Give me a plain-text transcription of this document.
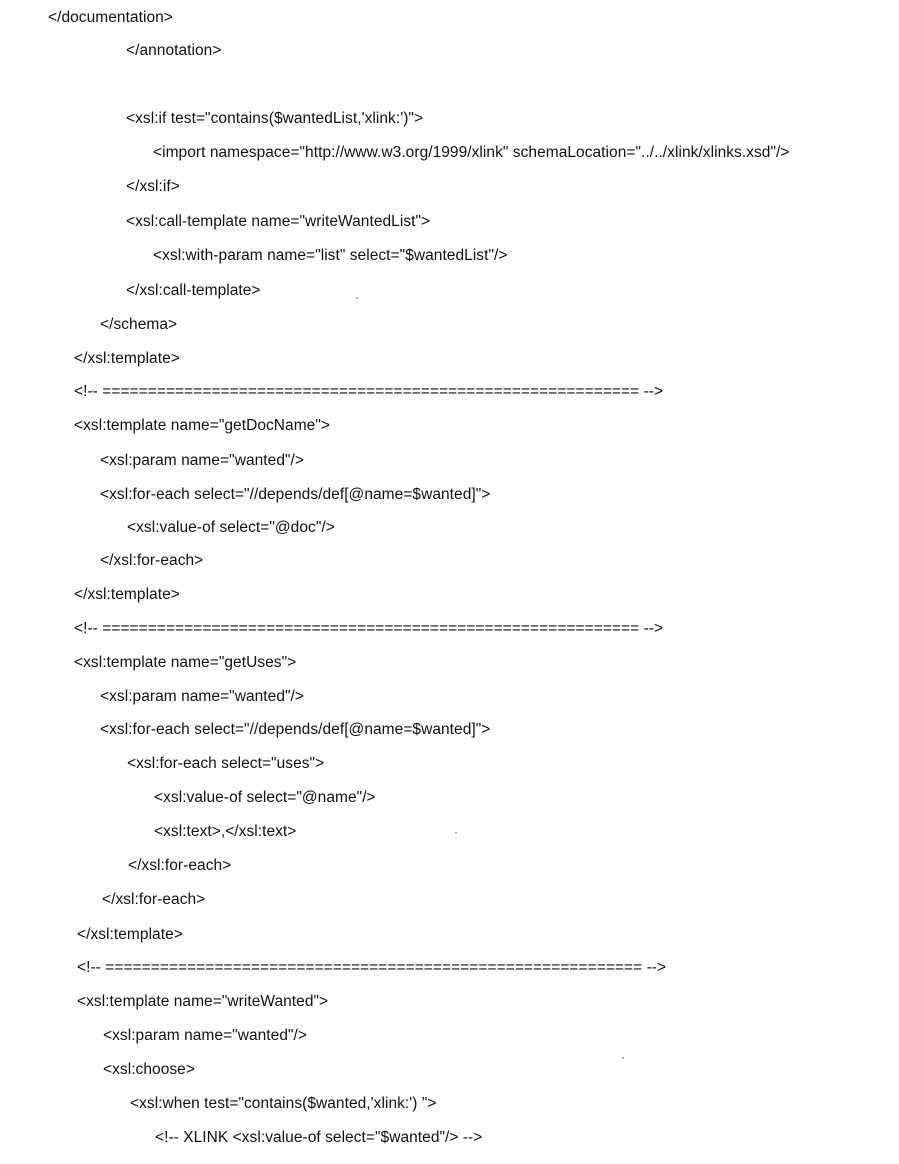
</documentation>
</annotation>
<xsl:if test="contains($wantedList,'xlink:')">
<import namespace="http://www.w3.org/1999/xlink" schemaLocation="../../xlink/xlinks.xsd"/>
</xsl:if>
<xsl:call-template name="writeWantedList">
<xsl:with-param name="list" select="$wantedList"/>
</xsl:call-template>
</schema>
</xsl:template>
<!-- =========================================================== -->
<xsl:template name="getDocName">
<xsl:param name="wanted"/>
<xsl:for-each select="//depends/def[@name=$wanted]">
<xsl:value-of select="@doc"/>
</xsl:for-each>
</xsl:template>
<!-- =========================================================== -->
<xsl:template name="getUses">
<xsl:param name="wanted"/>
<xsl:for-each select="//depends/def[@name=$wanted]">
<xsl:for-each select="uses">
<xsl:value-of select="@name"/>
<xsl:text>,</xsl:text>
</xsl:for-each>
</xsl:for-each>
</xsl:template>
<!-- =========================================================== -->
<xsl:template name="writeWanted">
<xsl:param name="wanted"/>
<xsl:choose>
<xsl:when test="contains($wanted,'xlink:') ">
<!-- XLINK <xsl:value-of select="$wanted"/> -->
